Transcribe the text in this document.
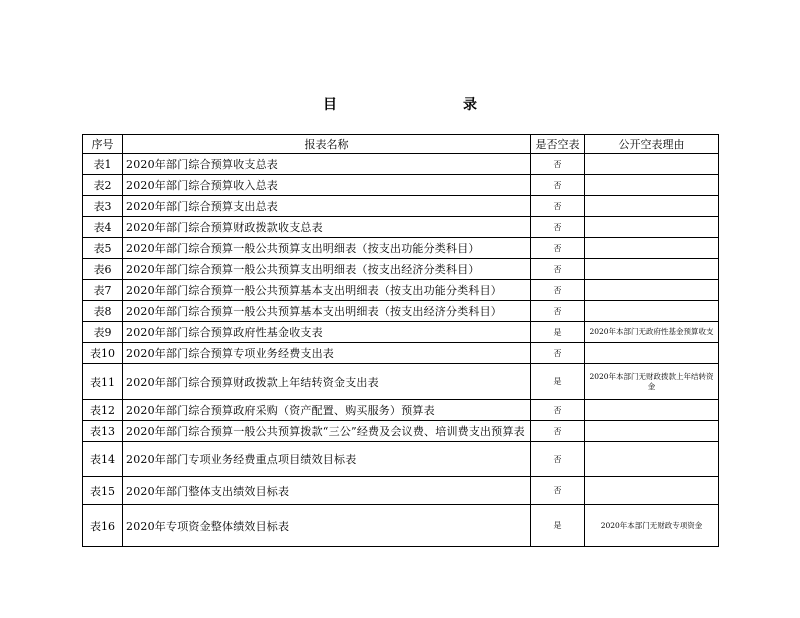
目	录
序号	报表名称	是否空表	公开空表理由
表1	2020年部门综合预算收支总表	否	
表2	2020年部门综合预算收入总表	否	
表3	2020年部门综合预算支出总表	否	
表4	2020年部门综合预算财政拨款收支总表	否	
表5	2020年部门综合预算一般公共预算支出明细表（按支出功能分类科目）	否	
表6	2020年部门综合预算一般公共预算支出明细表（按支出经济分类科目）	否	
表7	2020年部门综合预算一般公共预算基本支出明细表（按支出功能分类科目）	否	
表8	2020年部门综合预算一般公共预算基本支出明细表（按支出经济分类科目）	否	
表9	2020年部门综合预算政府性基金收支表	是	2020年本部门无政府性基金预算收支
表10	2020年部门综合预算专项业务经费支出表	否	
表11	2020年部门综合预算财政拨款上年结转资金支出表	是	2020年本部门无财政拨款上年结转资金
表12	2020年部门综合预算政府采购（资产配置、购买服务）预算表	否	
表13	2020年部门综合预算一般公共预算拨款“三公”经费及会议费、培训费支出预算表	否	
表14	2020年部门专项业务经费重点项目绩效目标表	否	
表15	2020年部门整体支出绩效目标表	否	
表16	2020年专项资金整体绩效目标表	是	2020年本部门无财政专项资金
